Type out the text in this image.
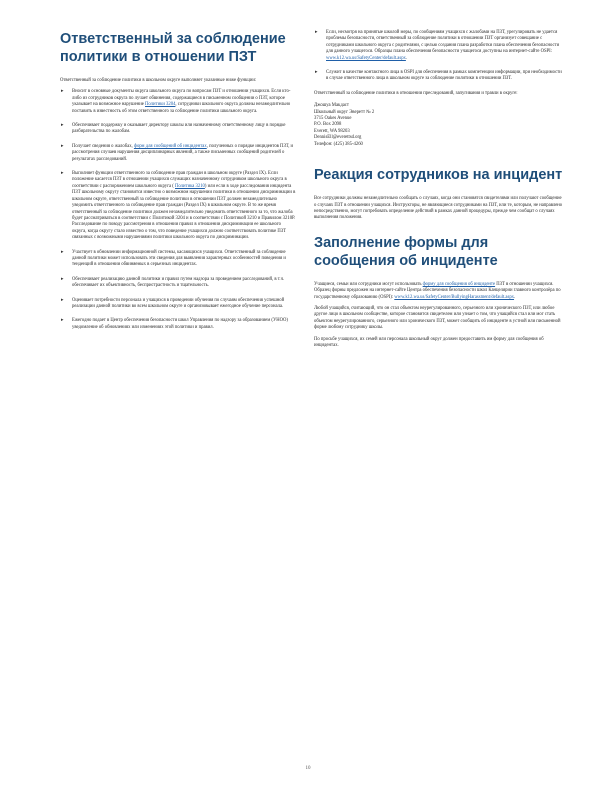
Ответственный за соблюдение политики в отношении ПЗТ

Ответственный за соблюдение политики в школьном округе выполняет указанные ниже функции:

▸ Вносит в основные документы округа школьного округа по вопросам ПЗТ и отношении учащихся. Если кто-либо из сотрудников округа по лучает обвинения, содержащиеся в письменном сообщении о ПЗТ, которое указывает на возможное нарушение Политики 3204, сотрудники школьного округа должны незамедлительно поставить в известность об этом ответственного за соблюдение политики школьного округа.
▸ Обеспечивает поддержку и оказывает директору школы или назначенному ответственному лицу в порядке разбирательства по жалобам.
▸ Получает сведения о жалобах, форм для сообщений об инцидентах, полученных о порядке инцидентов ПЗТ, и рассмотрения случаев нарушения дисциплинарных явлений, а также письменных сообщений родителей о результатах расследований.
▸ Выполняет функции ответственного за соблюдение прав граждан в школьном округе (Раздел IX). Если положение касается ПЗТ в отношении учащихся служащих назначенному сотрудником школьного округа в соответствии с распоряжением школьного округа ( Политика 3210) или если в ходе расследования инцидента ПЗТ школьному округу становится известно о возможном нарушении политики в отношении дискриминации в школьном округе, ответственный за соблюдение политики в отношении ПЗТ должен незамедлительно уведомить ответственного за соблюдение прав граждан (Раздел IX) в школьном округе. В то же время ответственный за соблюдение политики должен незамедлительно уведомить ответственного за то, что жалоба будет рассматриваться в соответствии с Политикой 3204 и в соответствии с Политикой 3210 и Правилом 3210P. Расследование по поводу рассмотрения в отношении правил в отношении дискриминации ее школьного округа, когда округу стало известно о том, что поведение учащихся должно соответствовать политике ПЗТ связанных с возможными нарушениями политики школьного округа по дискриминации.
▸ Участвует в обновлении информационной системы, касающихся учащихся. Ответственный за соблюдение данной политики может использовать эти сведения для выявления характерных особенностей поведения и тенденций в отношении обвиняемых в серьезных инцидентах.
▸ Обеспечивает реализацию данной политики и правил путем надзора за проведением расследований, в т.ч. обеспечивает их объективность, беспристрастность и тщательность.
▸ Оценивает потребности персонала и учащихся в проведении обучения по случаям обеспечения успешной реализации данной политики во всем школьном округе и организовывает ежегодное обучение персонала.
▸ Ежегодно подает в Центр обеспечения безопасности школ Управления по надзору за образованием (УНОО) уведомление об обновлениях или изменениях этой политики и правил.
▸ Если, несмотря на принятые школой меры, по сообщениям учащихся с жалобами на ПЗТ, урегулировать не удается проблемы безопасности, ответственный за соблюдение политики в отношении ПЗТ организует совещание с сотрудниками школьного округа с родителями, с целью создания плана разработки плана обеспечения безопасности для данного учащегося. Образцы плана обеспечения безопасности учащегося доступны на интернет-сайте OSPI: www.k12.wa.us/SafetyCenter/default.aspx.
▸ Служит в качестве контактного лица в OSPI для обеспечения в рамках компетенции информации, при необходимости в случае ответственного лица в школьном округе за соблюдение политики в отношении ПЗТ.

Ответственный за соблюдение политики в отношении преследований, запугивания и травли в округе:

Джошуа Макдаст

Школьный округ Эверетт № 2

3715 Oakes Avenue

P.O. Box 2098

Everett, WA 98203

DennisEll@everettsd.org

Телефон: (425) 385-4260

Реакция сотрудников на инцидент

Все сотрудники должны незамедлительно сообщать о случаях, когда они становятся свидетелями или получают сообщение о случаях ПЗТ в отношении учащихся. Инструкторы, не являющиеся сотрудниками на ПЗТ, или те, которым, не направлено непосредственно, могут потребовать определение действий в рамках данной процедуры, прежде чем сообщат о случаях выполнения положения.

Заполнение формы для сообщения об инциденте

Учащиеся, семьи или сотрудники могут использовать форму для сообщения об инциденте ПЗТ в отношении учащихся. Образец формы предложен на интернет-сайте Центра обеспечения безопасности школ Канцелярии главного контролёра по государственному образованию (OSPI): www.k12.wa.us/SafetyCenter/BullyingHarassment/default.aspx.

Любой учащийся, считающий, что он стал объектом неурегулированного, серьезного или хронического ПЗТ, или любое другое лицо в школьном сообществе, которое становится свидетелем или узнает о том, что учащийся стал или мог стать объектом неурегулированного, серьезного или хронического ПЗТ, может сообщить об инциденте в устной или письменной форме любому сотруднику школы.

По просьбе учащихся, их семей или персонала школьный округ должен предоставить им форму для сообщения об инцидентах.

10
